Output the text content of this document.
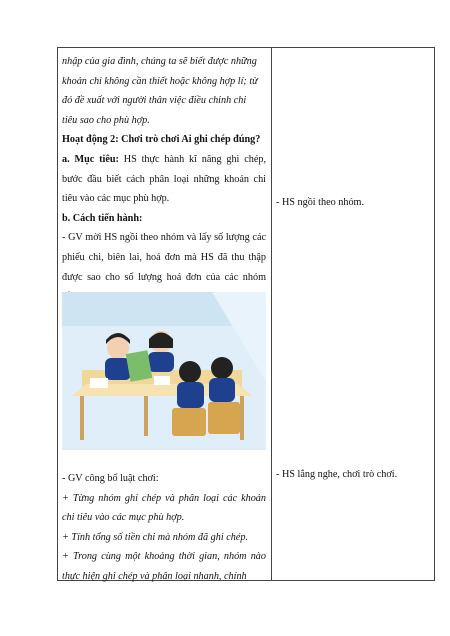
nhập của gia đình, chúng ta sẽ biết được những

khoản chi không cần thiết hoặc không hợp lí; từ

đó đề xuất với người thân việc điều chỉnh chi

tiêu sao cho phù hợp.

Hoạt động 2: Chơi trò chơi Ai ghi chép đúng?

a. Mục tiêu: HS thực hành kĩ năng ghi chép, bước đầu biết cách phân loại những khoản chi tiêu vào các mục phù hợp.

b. Cách tiến hành:

- GV mời HS ngồi theo nhóm và lấy số lượng các phiếu chi, biên lai, hoá đơn mà HS đã thu thập được sao cho số lượng hoá đơn của các nhóm

- GV công bố luật chơi:

+ Từng nhóm ghi chép và phân loại các khoản chi tiêu vào các mục phù hợp.

+ Tính tổng số tiền chi mà nhóm đã ghi chép.

+ Trong cùng một khoảng thời gian, nhóm nào thực hiện ghi chép và phân loại nhanh, chính

- HS ngồi theo nhóm.
- HS lắng nghe, chơi trò chơi.
